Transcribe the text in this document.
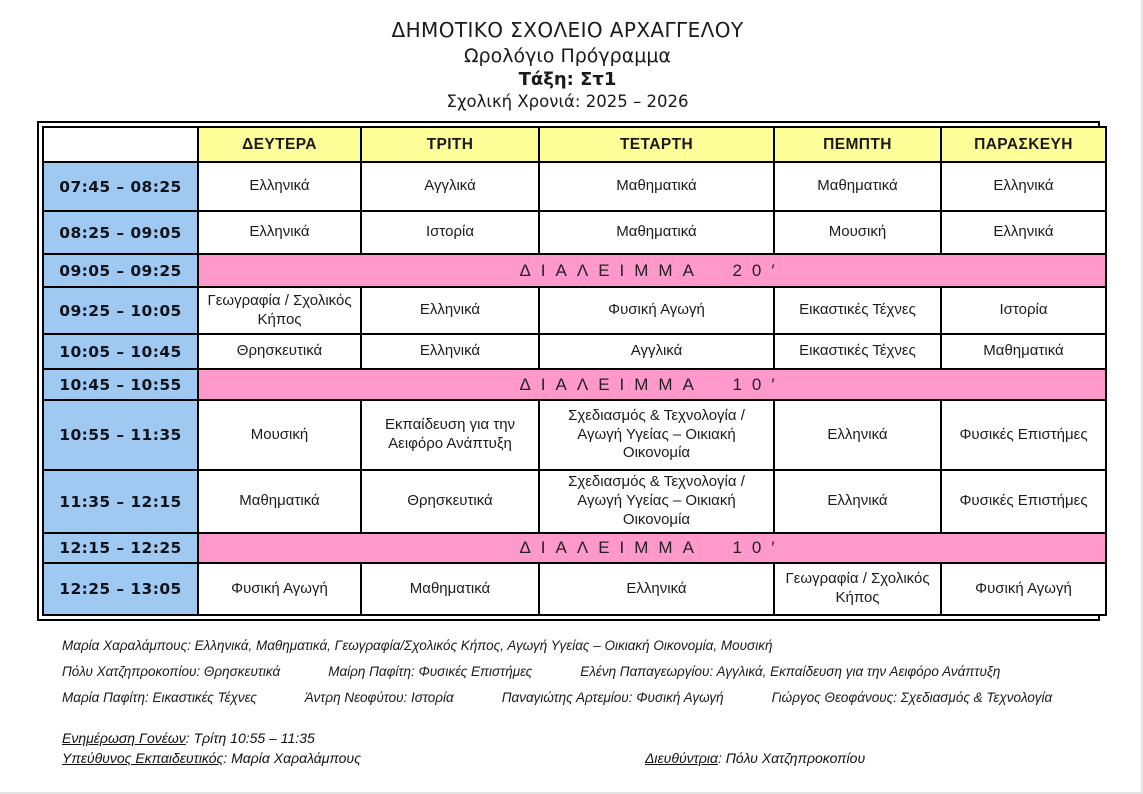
ΔΗΜΟΤΙΚΟ ΣΧΟΛΕΙΟ ΑΡΧΑΓΓΕΛΟΥ
Ωρολόγιο Πρόγραμμα
Τάξη: Στ1
Σχολική Χρονιά: 2025 – 2026
	ΔΕΥΤΕΡΑ	ΤΡΙΤΗ	ΤΕΤΑΡΤΗ	ΠΕΜΠΤΗ	ΠΑΡΑΣΚΕΥΗ
07:45 – 08:25	Ελληνικά	Αγγλικά	Μαθηματικά	Μαθηματικά	Ελληνικά
08:25 – 09:05	Ελληνικά	Ιστορία	Μαθηματικά	Μουσική	Ελληνικά
09:05 – 09:25	ΔΙΑΛΕΙΜΜΑ  20′				
09:25 – 10:05	Γεωγραφία / Σχολικός Κήπος	Ελληνικά	Φυσική Αγωγή	Εικαστικές Τέχνες	Ιστορία
10:05 – 10:45	Θρησκευτικά	Ελληνικά	Αγγλικά	Εικαστικές Τέχνες	Μαθηματικά
10:45 – 10:55	ΔΙΑΛΕΙΜΜΑ  10′				
10:55 – 11:35	Μουσική	Εκπαίδευση για την Αειφόρο Ανάπτυξη	Σχεδιασμός & Τεχνολογία / Αγωγή Υγείας – Οικιακή Οικονομία	Ελληνικά	Φυσικές Επιστήμες
11:35 – 12:15	Μαθηματικά	Θρησκευτικά	Σχεδιασμός & Τεχνολογία / Αγωγή Υγείας – Οικιακή Οικονομία	Ελληνικά	Φυσικές Επιστήμες
12:15 – 12:25	ΔΙΑΛΕΙΜΜΑ  10′				
12:25 – 13:05	Φυσική Αγωγή	Μαθηματικά	Ελληνικά	Γεωγραφία / Σχολικός Κήπος	Φυσική Αγωγή
Μαρία Χαραλάμπους: Ελληνικά, Μαθηματικά, Γεωγραφία/Σχολικός Κήπος, Αγωγή Υγείας – Οικιακή Οικονομία, Μουσική
Πόλυ Χατζηπροκοπίου: Θρησκευτικά	Μαίρη Παφίτη: Φυσικές Επιστήμες	Ελένη Παπαγεωργίου: Αγγλικά, Εκπαίδευση για την Αειφόρο Ανάπτυξη
Μαρία Παφίτη: Εικαστικές Τέχνες	Άντρη Νεοφύτου: Ιστορία	Παναγιώτης Αρτεμίου: Φυσική Αγωγή	Γιώργος Θεοφάνους: Σχεδιασμός & Τεχνολογία
Ενημέρωση Γονέων: Τρίτη 10:55 – 11:35
Υπεύθυνος Εκπαιδευτικός: Μαρία Χαραλάμπους	Διευθύντρια: Πόλυ Χατζηπροκοπίου
